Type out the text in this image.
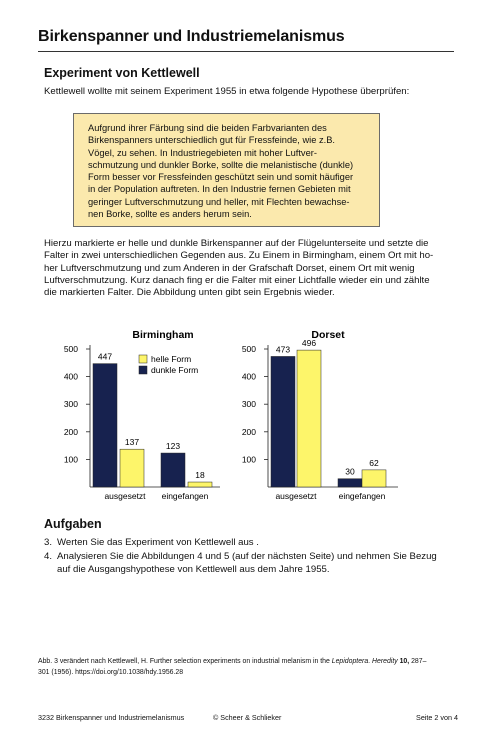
Birkenspanner und Industriemelanismus
Experiment von Kettlewell
Kettlewell wollte mit seinem Experiment 1955 in etwa folgende Hypothese überprüfen:
Aufgrund ihrer Färbung sind die beiden Farbvarianten des
Birkenspanners unterschiedlich gut für Fressfeinde, wie z.B.
Vögel, zu sehen. In Industriegebieten mit hoher Luftver-
schmutzung und dunkler Borke, sollte die melanistische (dunkle)
Form besser vor Fressfeinden geschützt sein und somit häufiger
in der Population auftreten. In den Industrie fernen Gebieten mit
geringer Luftverschmutzung und heller, mit Flechten bewachse-
nen Borke, sollte es anders herum sein.
Hierzu markierte er helle und dunkle Birkenspanner auf der Flügelunterseite und setzte die
Falter in zwei unterschiedlichen Gegenden aus. Zu Einem in Birmingham, einem Ort mit ho-
her Luftverschmutzung und zum Anderen in der Grafschaft Dorset, einem Ort mit wenig
Luftverschmutzung. Kurz danach fing er die Falter mit einer Lichtfalle wieder ein und zählte
die markierten Falter. Die Abbildung unten gibt sein Ergebnis wieder.
Birmingham
100
200
300
400
500
447
137
ausgesetzt
123
18
eingefangen
helle Form
dunkle Form
Dorset
100
200
300
400
500 473
496
ausgesetzt
30
62
eingefangen
Aufgaben
3. Werten Sie das Experiment von Kettlewell aus .
4. Analysieren Sie die Abbildungen 4 und 5 (auf der nächsten Seite) und nehmen Sie Bezug
auf die Ausgangshypothese von Kettlewell aus dem Jahre 1955.
Abb. 3 verändert nach Kettlewell, H. Further selection experiments on industrial melanism in the Lepidoptera. Heredity 10, 287–
301 (1956). https://doi.org/10.1038/hdy.1956.28
3232 Birkenspanner und Industriemelanismus	© Scheer & Schlieker	Seite 2 von 4
